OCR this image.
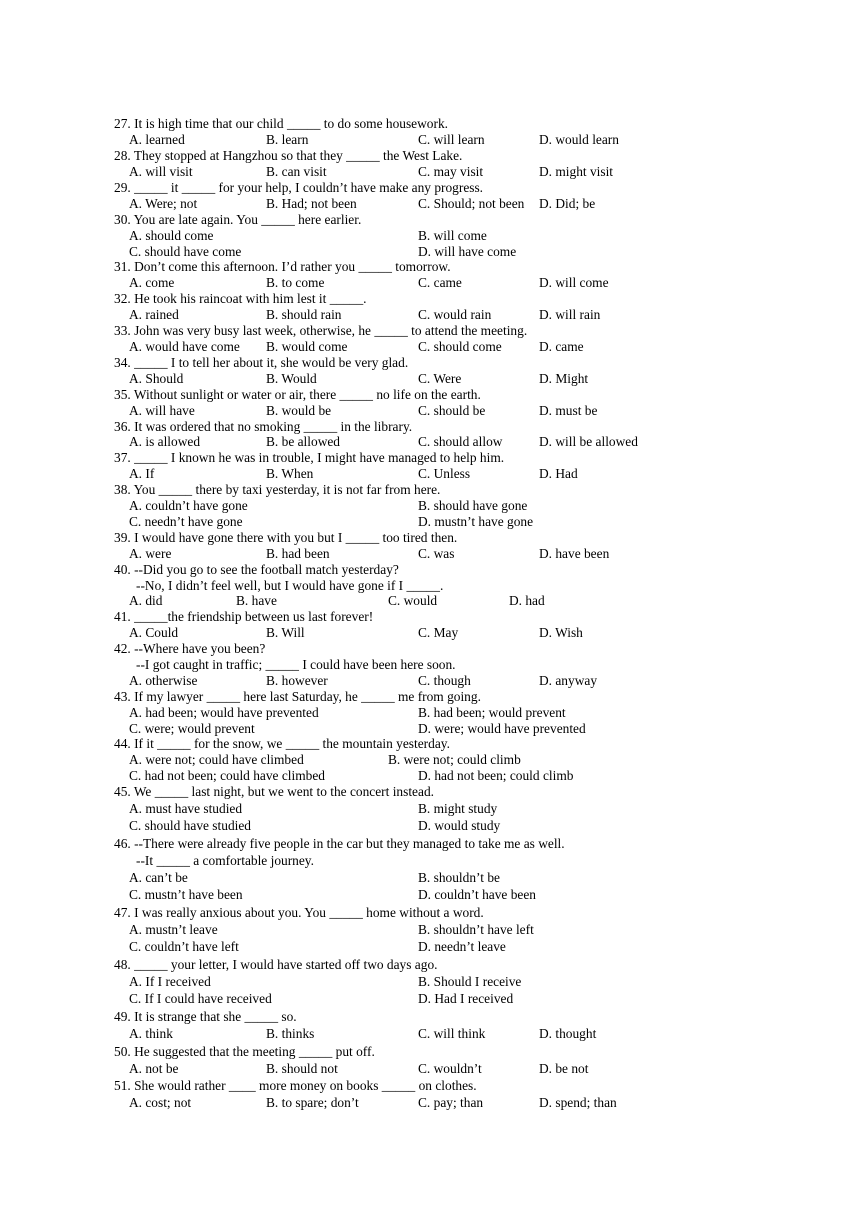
27. It is high time that our child _____ to do some housework.
A. learned	B. learn	C. will learn	D. would learn
28. They stopped at Hangzhou so that they _____ the West Lake.
A. will visit	B. can visit	C. may visit	D. might visit
29. _____ it _____ for your help, I couldn’t have make any progress.
A. Were; not	B. Had; not been	C. Should; not been D. Did; be
30. You are late again. You _____ here earlier.
A. should come	B. will come
C. should have come	D. will have come
31. Don’t come this afternoon. I’d rather you _____ tomorrow.
A. come	B. to come	C. came	D. will come
32. He took his raincoat with him lest it _____.
A. rained	B. should rain	C. would rain	D. will rain
33. John was very busy last week, otherwise, he _____ to attend the meeting.
A. would have come B. would come	C. should come	D. came
34. _____ I to tell her about it, she would be very glad.
A. Should	B. Would	C. Were	D. Might
35. Without sunlight or water or air, there _____ no life on the earth.
A. will have	B. would be	C. should be	D. must be
36. It was ordered that no smoking _____ in the library.
A. is allowed	B. be allowed	C. should allow	D. will be allowed
37. _____ I known he was in trouble, I might have managed to help him.
A. If	B. When	C. Unless	D. Had
38. You _____ there by taxi yesterday, it is not far from here.
A. couldn’t have gone	B. should have gone
C. needn’t have gone	D. mustn’t have gone
39. I would have gone there with you but I _____ too tired then.
A. were	B. had been	C. was	D. have been
40. --Did you go to see the football match yesterday?
--No, I didn’t feel well, but I would have gone if I _____.
A. did	B. have	C. would	D. had
41. _____the friendship between us last forever!
A. Could	B. Will	C. May	D. Wish
42. --Where have you been?
--I got caught in traffic; _____ I could have been here soon.
A. otherwise	B. however	C. though	D. anyway
43. If my lawyer _____ here last Saturday, he _____ me from going.
A. had been; would have prevented	B. had been; would prevent
C. were; would prevent	D. were; would have prevented
44. If it _____ for the snow, we _____ the mountain yesterday.
A. were not; could have climbed	B. were not; could climb
C. had not been; could have climbed	D. had not been; could climb
45. We _____ last night, but we went to the concert instead.
A. must have studied	B. might study
C. should have studied	D. would study
46. --There were already five people in the car but they managed to take me as well.
--It _____ a comfortable journey.
A. can’t be	B. shouldn’t be
C. mustn’t have been	D. couldn’t have been
47. I was really anxious about you. You _____ home without a word.
A. mustn’t leave	B. shouldn’t have left
C. couldn’t have left	D. needn’t leave
48. _____ your letter, I would have started off two days ago.
A. If I received	B. Should I receive
C. If I could have received	D. Had I received
49. It is strange that she _____ so.
A. think	B. thinks	C. will think	D. thought
50. He suggested that the meeting _____ put off.
A. not be	B. should not	C. wouldn’t	D. be not
51. She would rather ____ more money on books _____ on clothes.
A. cost; not	B. to spare; don’t	C. pay; than	D. spend; than
